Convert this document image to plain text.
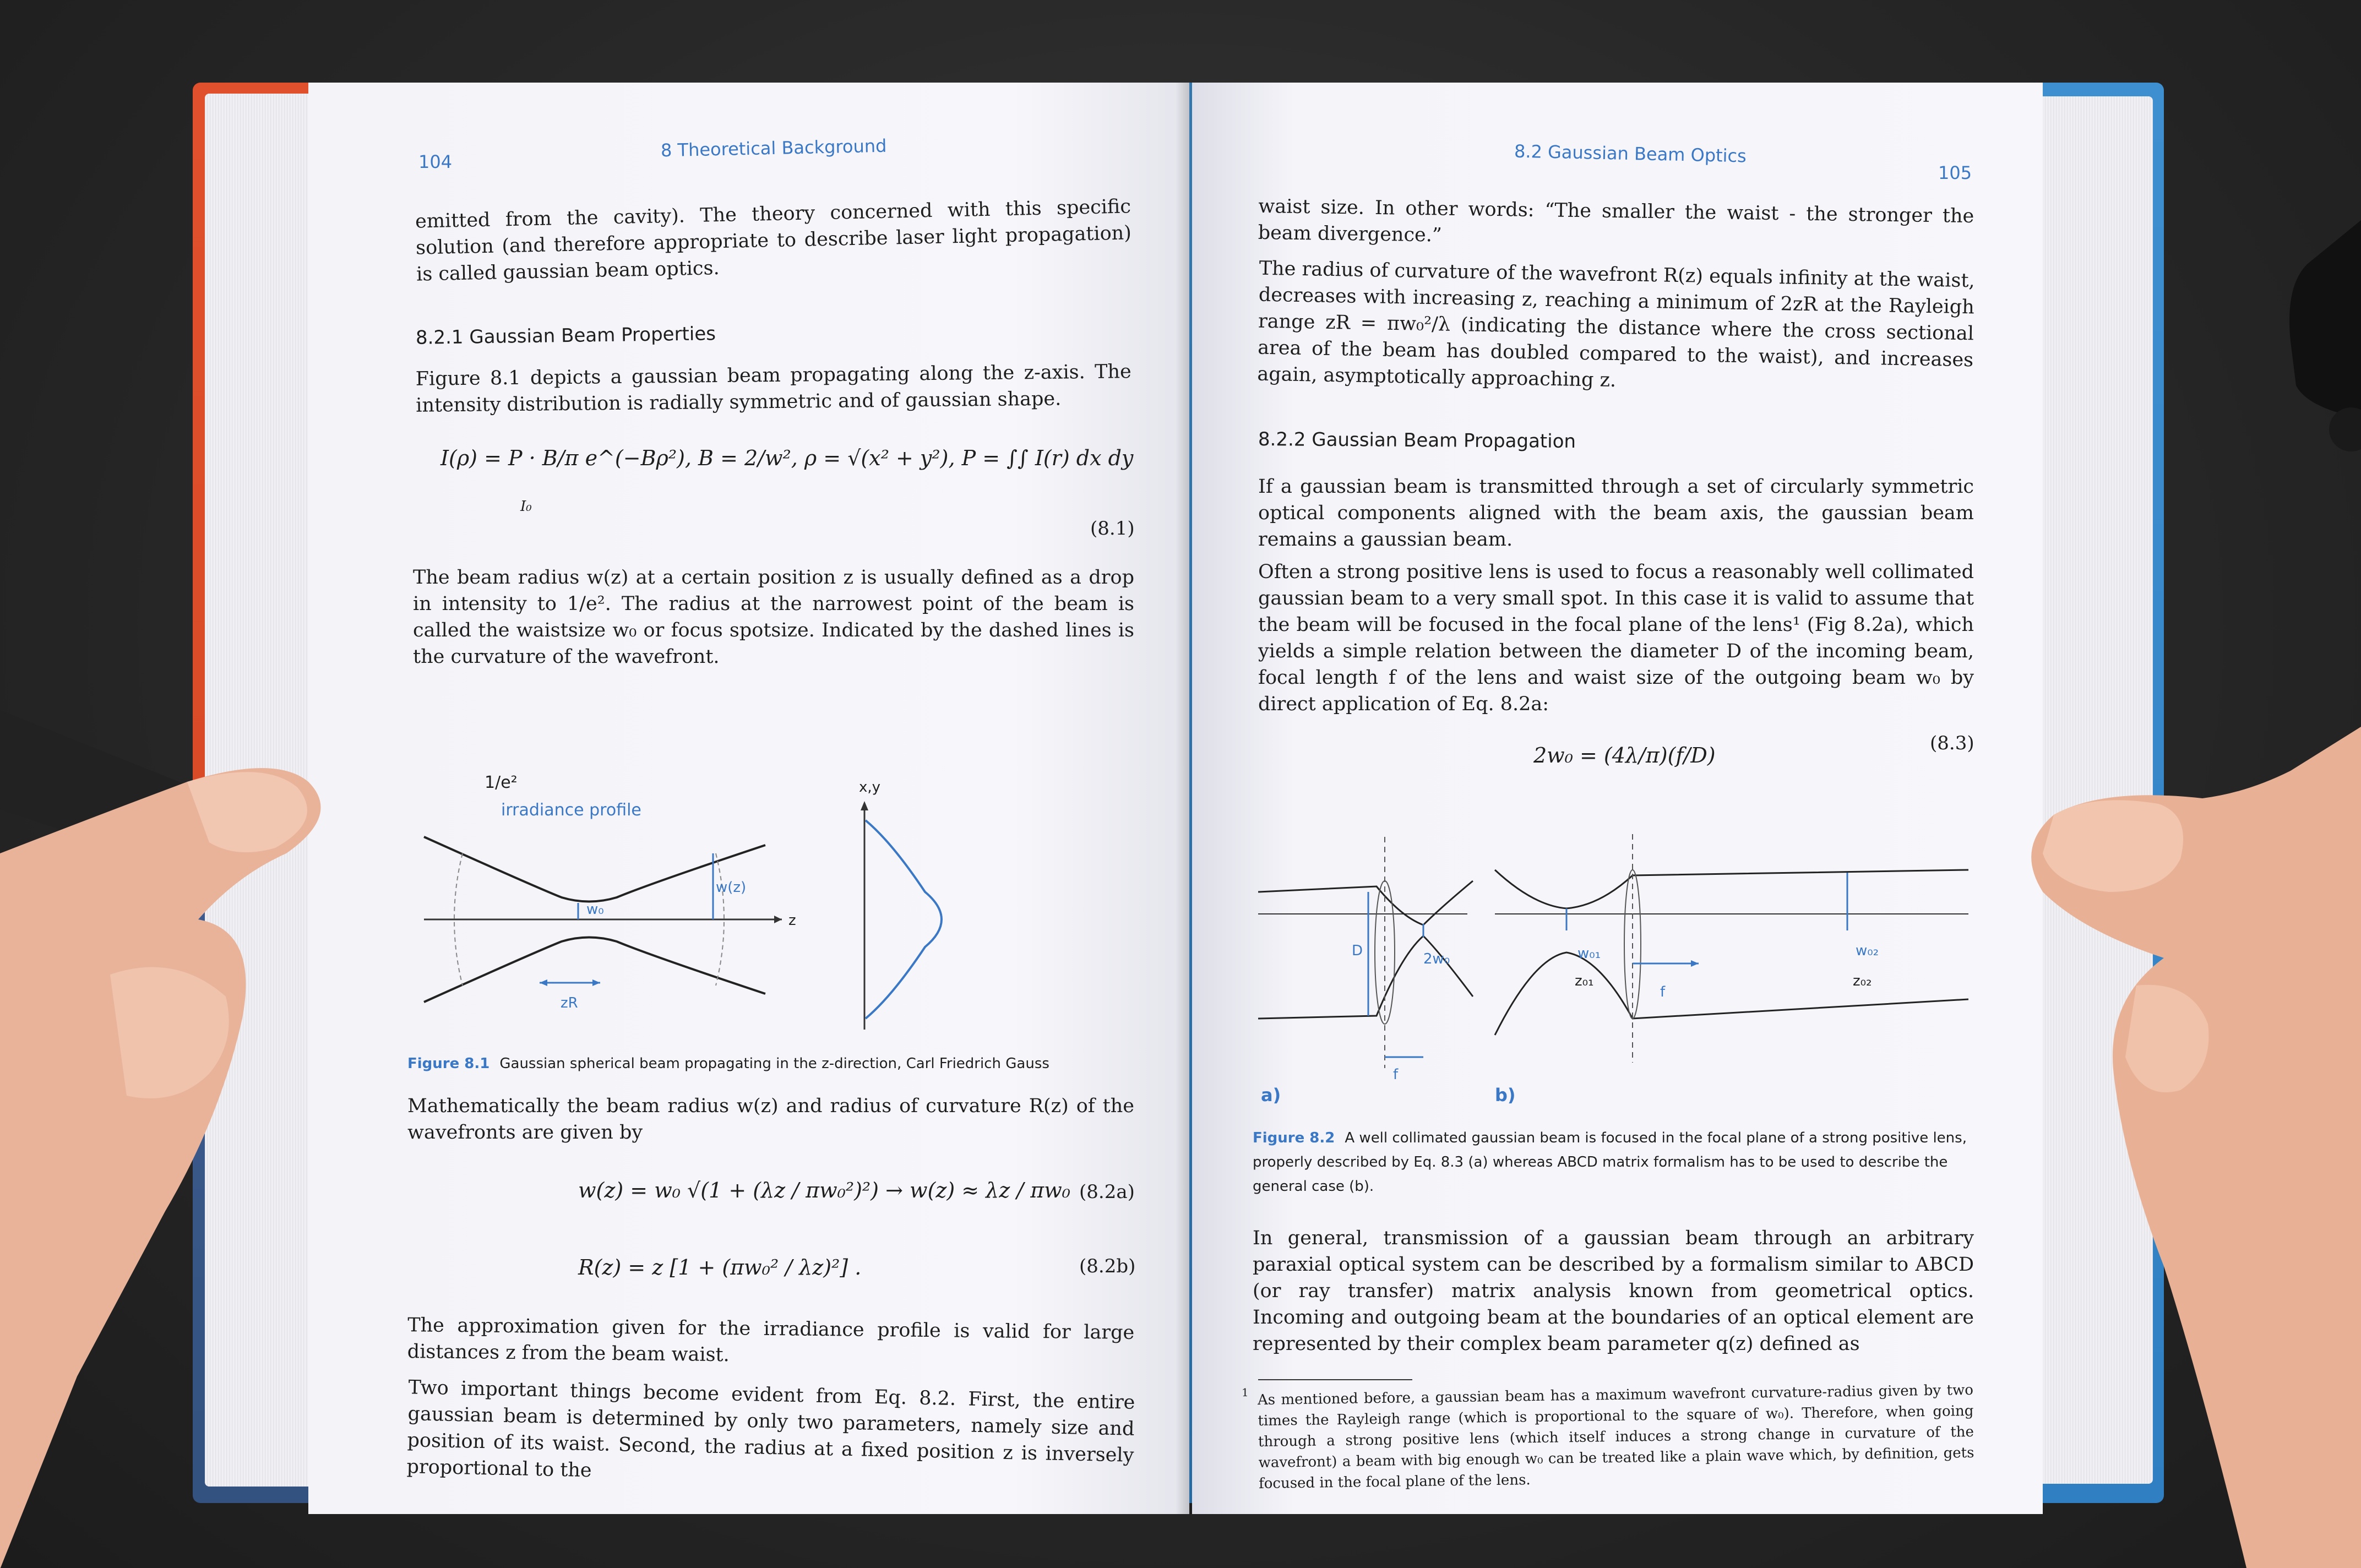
104
8 Theoretical Background
emitted from the cavity). The theory concerned with this specific solution (and therefore appropriate to describe laser light propagation) is called gaussian beam optics.
8.2.1 Gaussian Beam Properties
Figure 8.1 depicts a gaussian beam propagating along the z-axis. The intensity distribution is radially symmetric and of gaussian shape.
I(ρ) = P · B/π e^(−Bρ²), B = 2/w², ρ = √(x² + y²), P = ∫∫ I(r) dx dy
I₀
(8.1)
The beam radius w(z) at a certain position z is usually defined as a drop in intensity to 1/e². The radius at the narrowest point of the beam is called the waistsize w₀ or focus spotsize. Indicated by the dashed lines is the curvature of the wavefront.
1/e²
irradiance profile
w₀
w(z)
zR
z
x,y
Figure 8.1 Gaussian spherical beam propagating in the z-direction, Carl Friedrich Gauss
Mathematically the beam radius w(z) and radius of curvature R(z) of the wavefronts are given by
w(z) = w₀ √(1 + (λz / πw₀²)²) → w(z) ≈ λz / πw₀ (8.2a)
R(z) = z [1 + (πw₀² / λz)²] .	(8.2b)
The approximation given for the irradiance profile is valid for large distances z from the beam waist.
Two important things become evident from Eq. 8.2. First, the entire gaussian beam is determined by only two parameters, namely size and position of its waist. Second, the radius at a fixed position z is inversely proportional to the
8.2 Gaussian Beam Optics
105
waist size. In other words: “The smaller the waist - the stronger the beam divergence.”
The radius of curvature of the wavefront R(z) equals infinity at the waist, decreases with increasing z, reaching a minimum of 2zR at the Rayleigh range zR = πw₀²/λ (indicating the distance where the cross sectional area of the beam has doubled compared to the waist), and increases again, asymptotically approaching z.
8.2.2 Gaussian Beam Propagation
If a gaussian beam is transmitted through a set of circularly symmetric optical components aligned with the beam axis, the gaussian beam remains a gaussian beam.
Often a strong positive lens is used to focus a reasonably well collimated gaussian beam to a very small spot. In this case it is valid to assume that the beam will be focused in the focal plane of the lens¹ (Fig 8.2a), which yields a simple relation between the diameter D of the incoming beam, focal length f of the lens and waist size of the outgoing beam w₀ by direct application of Eq. 8.2a:
2w₀ = (4λ/π)(f/D)	(8.3)
D	2w₀
f
w₀₁
z₀₁
f
w₀₂
z₀₂
a)	b)
Figure 8.2 A well collimated gaussian beam is focused in the focal plane of a strong positive lens, properly described by Eq. 8.3 (a) whereas ABCD matrix formalism has to be used to describe the general case (b).
In general, transmission of a gaussian beam through an arbitrary paraxial optical system can be described by a formalism similar to ABCD (or ray transfer) matrix analysis known from geometrical optics. Incoming and outgoing beam at the boundaries of an optical element are represented by their complex beam parameter q(z) defined as
1 As mentioned before, a gaussian beam has a maximum wavefront curvature-radius given by two times the Rayleigh range (which is proportional to the square of w₀). Therefore, when going through a strong positive lens (which itself induces a strong change in curvature of the wavefront) a beam with big enough w₀ can be treated like a plain wave which, by definition, gets focused in the focal plane of the lens.
